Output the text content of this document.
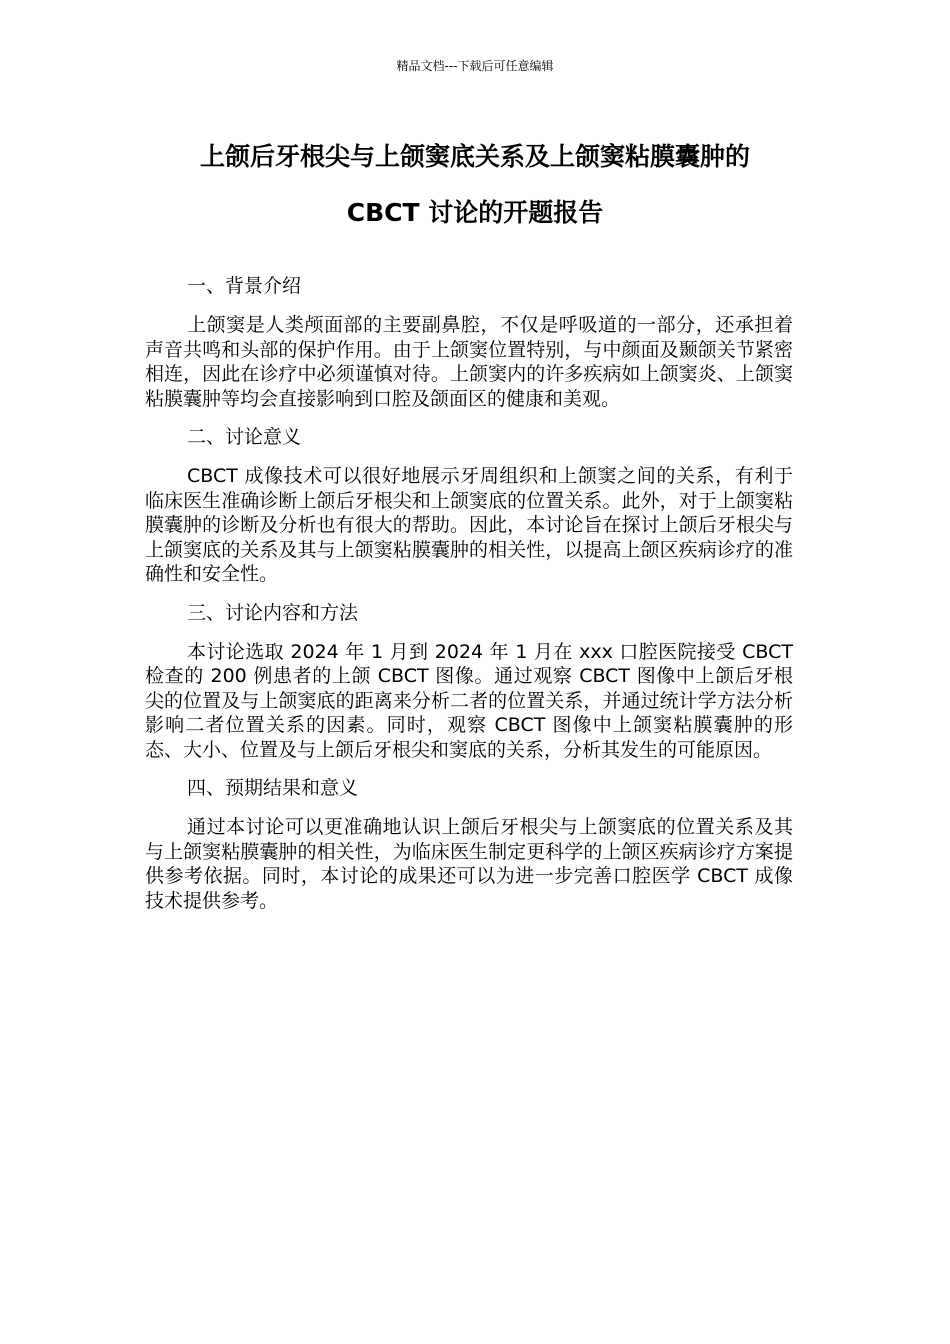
精品文档---下载后可任意编辑
上颌后牙根尖与上颌窦底关系及上颌窦粘膜囊肿的
CBCT 讨论的开题报告
一、背景介绍

上颌窦是人类颅面部的主要副鼻腔，不仅是呼吸道的一部分，还承担着声音共鸣和头部的保护作用。由于上颌窦位置特别，与中颜面及颞颌关节紧密相连，因此在诊疗中必须谨慎对待。上颌窦内的许多疾病如上颌窦炎、上颌窦粘膜囊肿等均会直接影响到口腔及颌面区的健康和美观。

二、讨论意义

CBCT 成像技术可以很好地展示牙周组织和上颌窦之间的关系，有利于临床医生准确诊断上颌后牙根尖和上颌窦底的位置关系。此外，对于上颌窦粘膜囊肿的诊断及分析也有很大的帮助。因此，本讨论旨在探讨上颌后牙根尖与上颌窦底的关系及其与上颌窦粘膜囊肿的相关性，以提高上颌区疾病诊疗的准确性和安全性。

三、讨论内容和方法

本讨论选取 2024 年 1 月到 2024 年 1 月在 xxx 口腔医院接受 CBCT 检查的 200 例患者的上颌 CBCT 图像。通过观察 CBCT 图像中上颌后牙根尖的位置及与上颌窦底的距离来分析二者的位置关系，并通过统计学方法分析影响二者位置关系的因素。同时，观察 CBCT 图像中上颌窦粘膜囊肿的形态、大小、位置及与上颌后牙根尖和窦底的关系，分析其发生的可能原因。

四、预期结果和意义

通过本讨论可以更准确地认识上颌后牙根尖与上颌窦底的位置关系及其与上颌窦粘膜囊肿的相关性，为临床医生制定更科学的上颌区疾病诊疗方案提供参考依据。同时，本讨论的成果还可以为进一步完善口腔医学 CBCT 成像技术提供参考。
